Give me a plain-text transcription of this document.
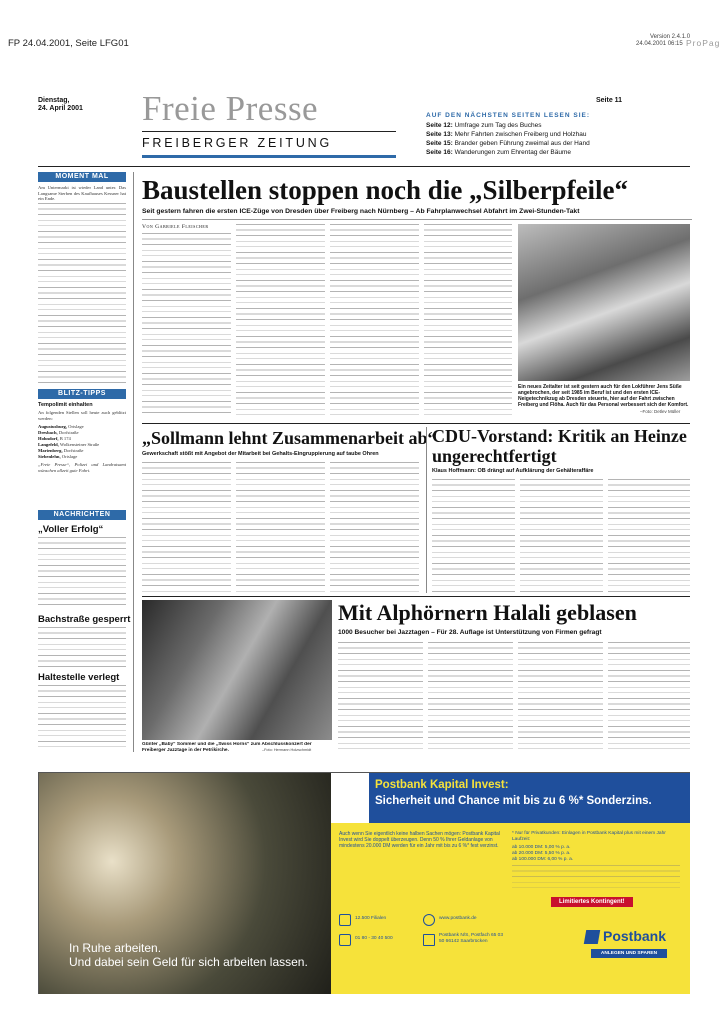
FP 24.04.2001, Seite LFG01
Version 2.4.1.0
24.04.2001 06:15 ProPag
Dienstag,
24. April 2001 Freie Presse
FREIBERGER ZEITUNG
Seite 11
AUF DEN NÄCHSTEN SEITEN LESEN SIE:
Seite 12: Umfrage zum Tag des Buches
Seite 13: Mehr Fahrten zwischen Freiberg und Holzhau
Seite 15: Brander geben Führung zweimal aus der Hand
Seite 16: Wanderungen zum Ehrentag der Bäume
MOMENT MAL
Am Untermarkt ist wieder Land unter. Das Langsame Sterben des Kaufhauses Kessner hat ein Ende.
BLITZ-TIPPS
Tempolimit einhalten
An folgenden Stellen soll heute auch geblitzt werden:
Augustusburg, Ortslage
Dresbach, Dorfstraße
Hohndorf, B 174
Langefeld, Wolkensteiner Straße
Marienberg, Dorfstraße
Siebenlehn, Ortslage
„Freie Presse“, Polizei und Landratsamt wünschen allzeit gute Fahrt.
NACHRICHTEN
„Voller Erfolg“
Bachstraße gesperrt
Haltestelle verlegt
Baustellen stoppen noch die „Silberpfeile“
Seit gestern fahren die ersten ICE-Züge von Dresden über Freiberg nach Nürnberg – Ab Fahrplanwechsel Abfahrt im Zwei-Stunden-Takt
Von Gabriele Fleischer
Ein neues Zeitalter ist seit gestern auch für den Lokführer Jens Süße angebrochen, der seit 1985 im Beruf ist und den ersten ICE-Neigetechnikzug ab Dresden steuerte, hier auf der Fahrt zwischen Freiberg und Flöha. Auch für das Personal verbessert sich der Komfort.
–Foto: Detlev Müller
„Sollmann lehnt Zusammenarbeit ab“
Gewerkschaft stößt mit Angebot der Mitarbeit bei Gehalts-Eingruppierung auf taube Ohren
CDU-Vorstand: Kritik an Heinze ungerechtfertigt
Klaus Hoffmann: OB drängt auf Aufklärung der Gehälteraffäre
Günter „Baby“ Sommer und die „Swiss Horns“ zum Abschlusskonzert der Freiberger Jazztage in der Petrikirche.	–Foto: Hermann Holzschmidt
Mit Alphörnern Halali geblasen
1000 Besucher bei Jazztagen – Für 28. Auflage ist Unterstützung von Firmen gefragt
Postbank Kapital Invest:
Sicherheit und Chance mit bis zu 6 %* Sonderzins.
In Ruhe arbeiten.
Und dabei sein Geld für sich arbeiten lassen.
Auch wenn Sie eigentlich keine halben Sachen mögen: Postbank Kapital Invest wird Sie doppelt überzeugen. Denn 50 % Ihrer Geldanlage von mindestens 20.000 DM werden für ein Jahr mit bis zu 6 %* fest verzinst.
* Nur für Privatkunden: Einlagen in Postbank Kapital plus mit einem Jahr Laufzeit:
ab 10.000 DM: 5,00 % p. a.
ab 20.000 DM: 5,50 % p. a.
ab 100.000 DM: 6,00 % p. a.
Limitiertes Kontingent!
12.500 Filialen	www.postbank.de
01 80 - 30 40 500
Postbank N/S, Postfach 65 03 50 66142 Saarbrücken	Postbank
ANLEGEN UND SPAREN
